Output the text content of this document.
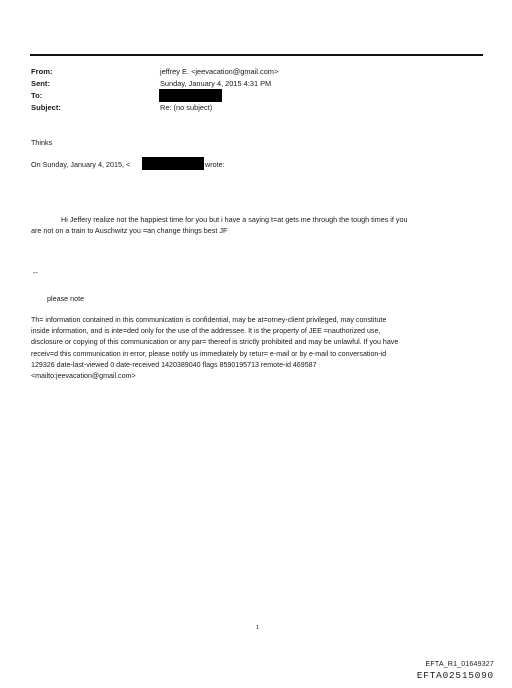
From:	jeffrey E. <jeevacation@gmail.com>
Sent:	Sunday, January 4, 2015 4:31 PM
To:
Subject:	Re: (no subject)
Thinks
On Sunday, January 4, 2015, <	wrote:
Hi Jeffery realize not the happiest time for you but i have a saying t=at gets me through the tough times if you
are not on a train to Auschwitz you =an change things best JF
--
please note

Th= information contained in this communication is confidential, may be at=orney-client privileged, may constitute

inside information, and is inte=ded only for the use of the addressee. It is the property of JEE =nauthorized use,

disclosure or copying of this communication or any par= thereof is strictly prohibited and may be unlawful. If you have

receiv=d this communication in error, please notify us immediately by retur= e-mail or by e-mail to conversation-id

129326 date-last-viewed 0 date-received 1420389040 flags 8590195713 remote-id 469587

<mailto:jeevacation@gmail.com>

1
EFTA_R1_01649327
EFTA02515090
